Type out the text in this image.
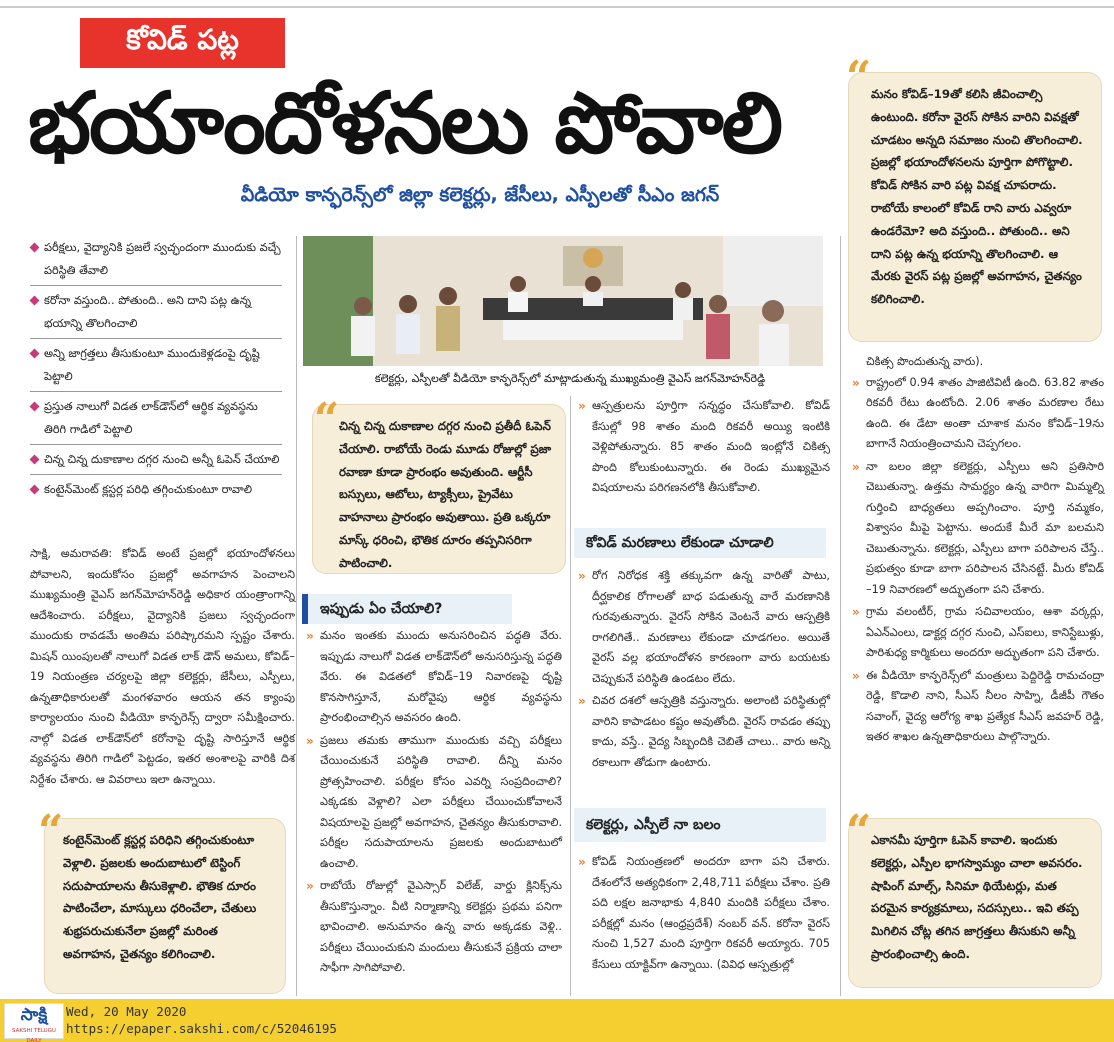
కోవిడ్ పట్ల
భయాందోళనలు పోవాలి
వీడియో కాన్ఫరెన్స్‌లో జిల్లా కలెక్టర్లు, జేసీలు, ఎస్పీలతో సీఎం జగన్
పరీక్షలు, వైద్యానికి ప్రజలే స్వచ్ఛందంగా ముందుకు వచ్చే పరిస్థితి తేవాలి
కరోనా వస్తుంది.. పోతుంది.. అని దాని పట్ల ఉన్న భయాన్ని తొలగించాలి
అన్ని జాగ్రత్తలు తీసుకుంటూ ముందుకెళ్లడంపై దృష్టి పెట్టాలి
ప్రస్తుత నాలుగో విడత లాక్‌డౌన్‌లో ఆర్థిక వ్యవస్థను తిరిగి గాడిలో పెట్టాలి
చిన్న చిన్న దుకాణాల దగ్గర నుంచి అన్నీ ఓపెన్ చేయాలి
కంటైన్‌మెంట్ క్లస్టర్ల పరిధి తగ్గించుకుంటూ రావాలి
కలెక్టర్లు, ఎస్పీలతో వీడియో కాన్ఫరెన్స్‌లో మాట్లాడుతున్న ముఖ్యమంత్రి వైఎస్ జగన్‌మోహన్‌రెడ్డి
సాక్షి, అమరావతి: కోవిడ్ అంటే ప్రజల్లో భయాందోళనలు పోవాలని, ఇందుకోసం ప్రజల్లో అవగాహన పెంచాలని ముఖ్యమంత్రి వైఎస్ జగన్‌మోహన్‌రెడ్డి అధికార యంత్రాంగాన్ని ఆదేశించారు. పరీక్షలు, వైద్యానికి ప్రజలు స్వచ్ఛందంగా ముందుకు రావడమే అంతిమ పరిష్కారమని స్పష్టం చేశారు. మిషన్ యింపులతో నాలుగో విడత లాక్ డౌన్ అమలు, కోవిడ్–19 నియంత్రణ చర్యలపై జిల్లా కలెక్టర్లు, జేసీలు, ఎస్పీలు, ఉన్నతాధికారులతో మంగళవారం ఆయన తన క్యాంపు కార్యాలయం నుంచి వీడియో కాన్ఫరెన్స్ ద్వారా సమీక్షించారు. నాల్గో విడత లాక్‌డౌన్‌లో కరోనాపై దృష్టి సారిస్తూనే ఆర్థిక వ్యవస్థను తిరిగి గాడిలో పెట్టడం, ఇతర అంశాలపై వారికి దిశ నిర్దేశం చేశారు. ఆ వివరాలు ఇలా ఉన్నాయి.
కంటైన్‌మెంట్ క్లస్టర్ల పరిధిని తగ్గించుకుంటూ వెళ్లాలి. ప్రజలకు అందుబాటులో టెస్టింగ్ సదుపాయాలను తీసుకెళ్లాలి. భౌతిక దూరం పాటించేలా, మాస్కులు ధరించేలా, చేతులు శుభ్రపరుచుకునేలా ప్రజల్లో మరింత అవగాహన, చైతన్యం కలిగించాలి.
“
చిన్న చిన్న దుకాణాల దగ్గర నుంచి ప్రతీదీ ఓపెన్ చేయాలి. రాబోయే రెండు మూడు రోజుల్లో ప్రజా రవాణా కూడా ప్రారంభం అవుతుంది. ఆర్టీసీ బస్సులు, ఆటోలు, ట్యాక్సీలు, ప్రైవేటు వాహనాలు ప్రారంభం అవుతాయి. ప్రతి ఒక్కరూ మాస్క్ ధరించి, భౌతిక దూరం తప్పనిసరిగా పాటించాలి.
“
ఇప్పుడు ఏం చేయాలి?
» మనం ఇంతకు ముందు అనుసరించిన పద్ధతి వేరు. ఇప్పుడు నాలుగో విడత లాక్‌డౌన్‌లో అనుసరిస్తున్న పద్ధతి వేరు. ఈ విడతలో కోవిడ్–19 నివారణపై దృష్టి కొనసాగిస్తూనే, మరోవైపు ఆర్థిక వ్యవస్థను ప్రారంభించాల్సిన అవసరం ఉంది.
» ప్రజలు తమకు తాముగా ముందుకు వచ్చి పరీక్షలు చేయించుకునే పరిస్థితి రావాలి. దీన్ని మనం ప్రోత్సహించాలి. పరీక్షల కోసం ఎవర్ని సంప్రదించాలి? ఎక్కడకు వెళ్లాలి? ఎలా పరీక్షలు చేయించుకోవాలనే విషయాలపై ప్రజల్లో అవగాహన, చైతన్యం తీసుకురావాలి. పరీక్షల సదుపాయాలను ప్రజలకు అందుబాటులో ఉంచాలి.
» రాబోయే రోజుల్లో వైఎస్సార్ విలేజ్, వార్డు క్లినిక్స్‌ను తీసుకొస్తున్నాం. వీటి నిర్మాణాన్ని కలెక్టర్లు ప్రథమ పనిగా భావించాలి. అనుమానం ఉన్న వారు అక్కడకు వెళ్లి.. పరీక్షలు చేయించుకుని మందులు తీసుకునే ప్రక్రియ చాలా సాఫీగా సాగిపోవాలి.
» ఆస్పత్రులను పూర్తిగా సన్నద్ధం చేసుకోవాలి. కోవిడ్ కేసుల్లో 98 శాతం మంది రికవరీ అయ్యి ఇంటికి వెళ్లిపోతున్నారు. 85 శాతం మంది ఇంట్లోనే చికిత్స పొంది కోలుకుంటున్నారు. ఈ రెండు ముఖ్యమైన విషయాలను పరిగణనలోకి తీసుకోవాలి.
కోవిడ్ మరణాలు లేకుండా చూడాలి
» రోగ నిరోధక శక్తి తక్కువగా ఉన్న వారితో పాటు, దీర్ఘకాలిక రోగాలతో బాధ పడుతున్న వారే మరణానికి గురవుతున్నారు. వైరస్ సోకిన వెంటనే వారు ఆస్పత్రికి రాగలిగితే.. మరణాలు లేకుండా చూడగలం. అయితే వైరస్ వల్ల భయాందోళన కారణంగా వారు బయటకు చెప్పుకునే పరిస్థితి ఉండటం లేదు.
» చివర దశలో ఆస్పత్రికి వస్తున్నారు. అలాంటి పరిస్థితుల్లో వారిని కాపాడటం కష్టం అవుతోంది. వైరస్ రావడం తప్పు కాదు, వస్తే.. వైద్య సిబ్బందికి చెబితే చాలు.. వారు అన్ని రకాలుగా తోడుగా ఉంటారు.
కలెక్టర్లు, ఎస్పీలే నా బలం
» కోవిడ్ నియంత్రణలో అందరూ బాగా పని చేశారు. దేశంలోనే అత్యధికంగా 2,48,711 పరీక్షలు చేశాం. ప్రతి పది లక్షల జనాభాకు 4,840 మందికి పరీక్షలు చేశాం. పరీక్షల్లో మనం (ఆంధ్రప్రదేశ్) నంబర్ వన్. కరోనా వైరస్ నుంచి 1,527 మంది పూర్తిగా రికవరీ అయ్యారు. 705 కేసులు యాక్టివ్‌గా ఉన్నాయి. (వివిధ ఆస్పత్రుల్లో
మనం కోవిడ్–19తో కలిసి జీవించాల్సి ఉంటుంది. కరోనా వైరస్ సోకిన వారిని వివక్షతో చూడటం అన్నది సమాజం నుంచి తొలగించాలి. ప్రజల్లో భయాందోళనలను పూర్తిగా పోగొట్టాలి. కోవిడ్ సోకిన వారి పట్ల వివక్ష చూపరాదు. రాబోయే కాలంలో కోవిడ్ రాని వారు ఎవ్వరూ ఉండరేమో? అది వస్తుంది.. పోతుంది.. అని దాని పట్ల ఉన్న భయాన్ని తొలగించాలి. ఆ మేరకు వైరస్ పట్ల ప్రజల్లో అవగాహన, చైతన్యం కలిగించాలి.
“
చికిత్స పొందుతున్న వారు).
» రాష్ట్రంలో 0.94 శాతం పాజిటివిటీ ఉంది. 63.82 శాతం రికవరీ రేటు ఉంటోంది. 2.06 శాతం మరణాల రేటు ఉంది. ఈ డేటా అంతా చూశాక మనం కోవిడ్–19ను బాగానే నియంత్రించామని చెప్పగలం.
» నా బలం జిల్లా కలెక్టర్లు, ఎస్పీలు అని ప్రతిసారి చెబుతున్నా. ఉత్తమ సామర్థ్యం ఉన్న వారిగా మిమ్మల్ని గుర్తించి బాధ్యతలు అప్పగించాం. పూర్తి నమ్మకం, విశ్వాసం మీపై పెట్టాను. అందుకే మీరే మా బలమని చెబుతున్నాను. కలెక్టర్లు, ఎస్పీలు బాగా పరిపాలన చేస్తే.. ప్రభుత్వం కూడా బాగా పరిపాలన చేసినట్టే. మీరు కోవిడ్ –19 నివారణలో అద్భుతంగా పని చేశారు.
» గ్రామ వలంటీర్, గ్రామ సచివాలయం, ఆశా వర్కర్లు, ఏఎన్ఎంలు, డాక్టర్ల దగ్గర నుంచి, ఎస్ఐలు, కానిస్టేబుళ్లు, పారిశుధ్య కార్మికులు అందరూ అద్భుతంగా పని చేశారు.
» ఈ వీడియో కాన్ఫరెన్స్‌లో మంత్రులు పెద్దిరెడ్డి రామచంద్రా రెడ్డి, కొడాలి నాని, సీఎస్ నీలం సాహ్ని, డీజీపీ గౌతం సవాంగ్, వైద్య ఆరోగ్య శాఖ ప్రత్యేక సీఎస్ జవహర్ రెడ్డి, ఇతర శాఖల ఉన్నతాధికారులు పాల్గొన్నారు.
ఎకానమీ పూర్తిగా ఓపెన్ కావాలి. ఇందుకు కలెక్టర్లు, ఎస్పీల భాగస్వామ్యం చాలా అవసరం. షాపింగ్ మాల్స్, సినిమా థియేటర్లు, మత పరమైన కార్యక్రమాలు, సదస్సులు.. ఇవి తప్ప మిగిలిన చోట్ల తగిన జాగ్రత్తలు తీసుకుని అన్నీ ప్రారంభించాల్సి ఉంది.
“
సాక్షి
SAKSHI TELUGU DAILY
Wed, 20 May 2020
https://epaper.sakshi.com/c/52046195
